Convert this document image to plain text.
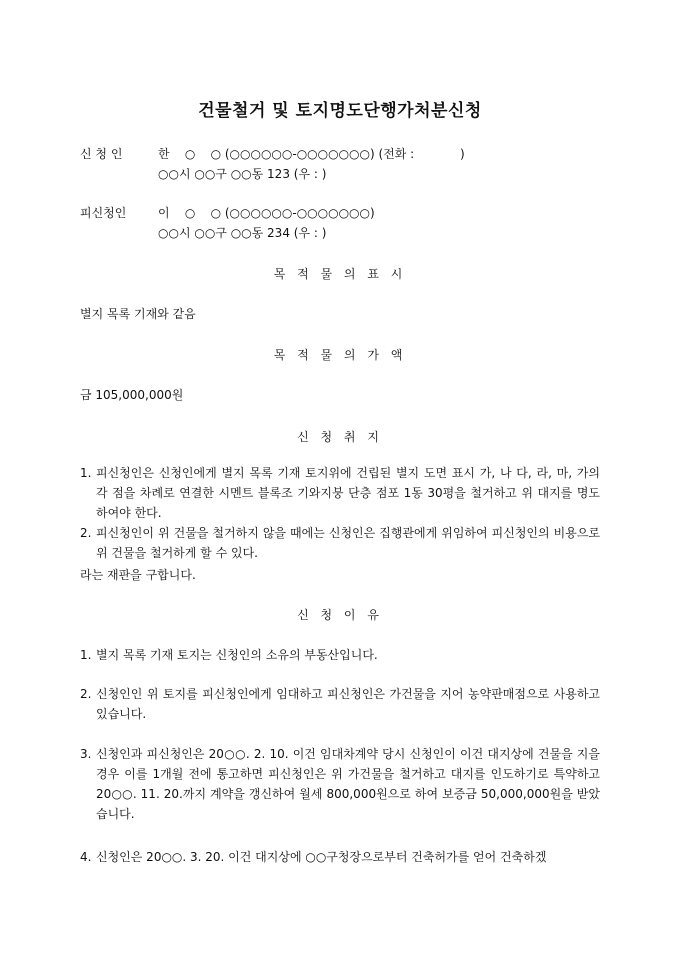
건물철거 및 토지명도단행가처분신청
신 청 인	한    ○    ○ (○○○○○○-○○○○○○○) (전화 :            )
○○시 ○○구 ○○동 123 (우 : )
피신청인	이    ○    ○ (○○○○○○-○○○○○○○)
○○시 ○○구 ○○동 234 (우 : )
목 적 물 의 표 시
별지 목록 기재와 같음
목 적 물 의 가 액
금 105,000,000원
신 청 취 지
1. 피신청인은 신청인에게 별지 목록 기재 토지위에 건립된 별지 도면 표시 가, 나 다, 라, 마, 가의 각 점을 차례로 연결한 시멘트 블록조 기와지붕 단층 점포 1동 30평을 철거하고 위 대지를 명도하여야 한다.
2. 피신청인이 위 건물을 철거하지 않을 때에는 신청인은 집행관에게 위임하여 피신청인의 비용으로 위 건물을 철거하게 할 수 있다.
라는 재판을 구합니다.
신 청 이 유
1. 별지 목록 기재 토지는 신청인의 소유의 부동산입니다.
2. 신청인인 위 토지를 피신청인에게 임대하고 피신청인은 가건물을 지어 농약판매점으로 사용하고 있습니다.
3. 신청인과 피신청인은 20○○. 2. 10. 이건 임대차계약 당시 신청인이 이건 대지상에 건물을 지을 경우 이를 1개월 전에 통고하면 피신청인은 위 가건물을 철거하고 대지를 인도하기로 특약하고 20○○. 11. 20.까지 계약을 갱신하여 월세 800,000원으로 하여 보증금 50,000,000원을 받았습니다.
4. 신청인은 20○○. 3. 20. 이건 대지상에 ○○구청장으로부터 건축허가를 얻어 건축하겠
